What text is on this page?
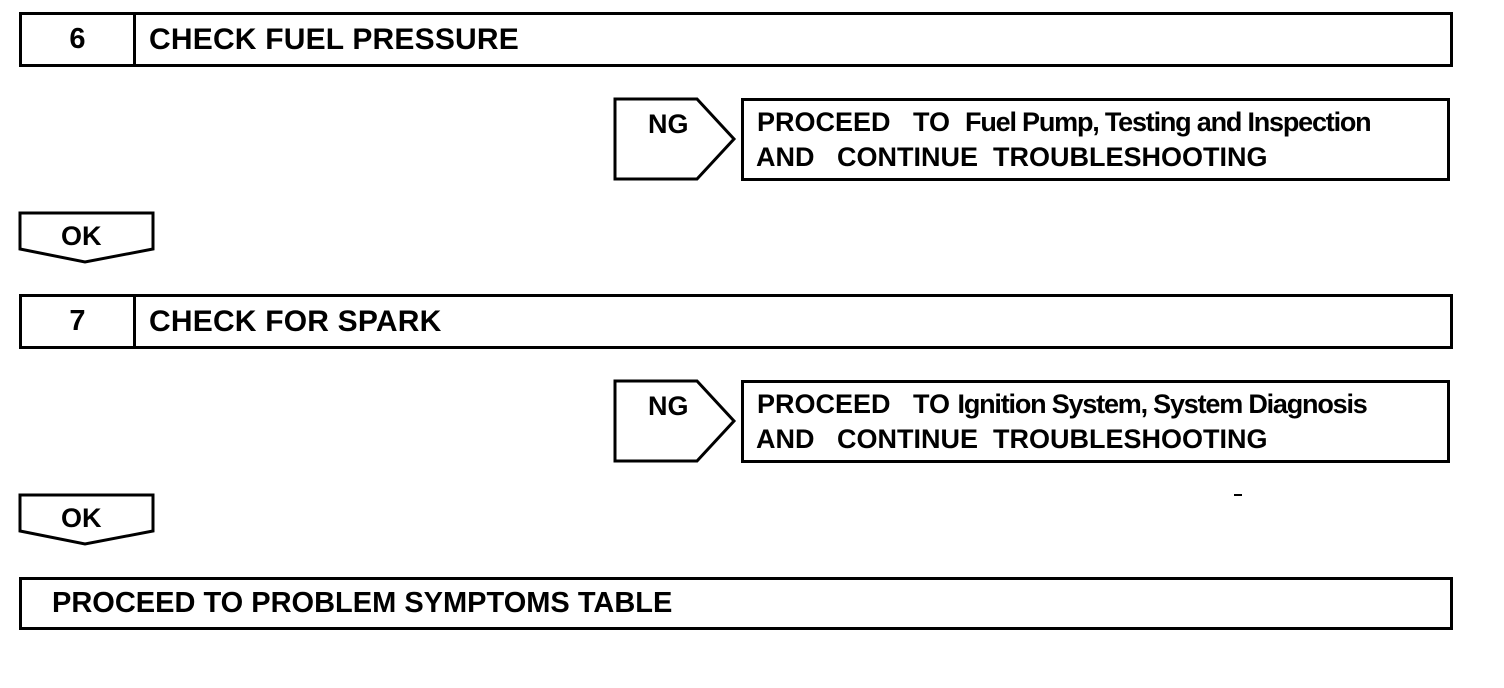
6	CHECK FUEL PRESSURE
NG	PROCEED   TO  Fuel Pump, Testing and Inspection
AND   CONTINUE  TROUBLESHOOTING
OK
7	CHECK FOR SPARK
NG	PROCEED   TO Ignition System, System Diagnosis
AND   CONTINUE  TROUBLESHOOTING
OK
PROCEED TO PROBLEM SYMPTOMS TABLE
